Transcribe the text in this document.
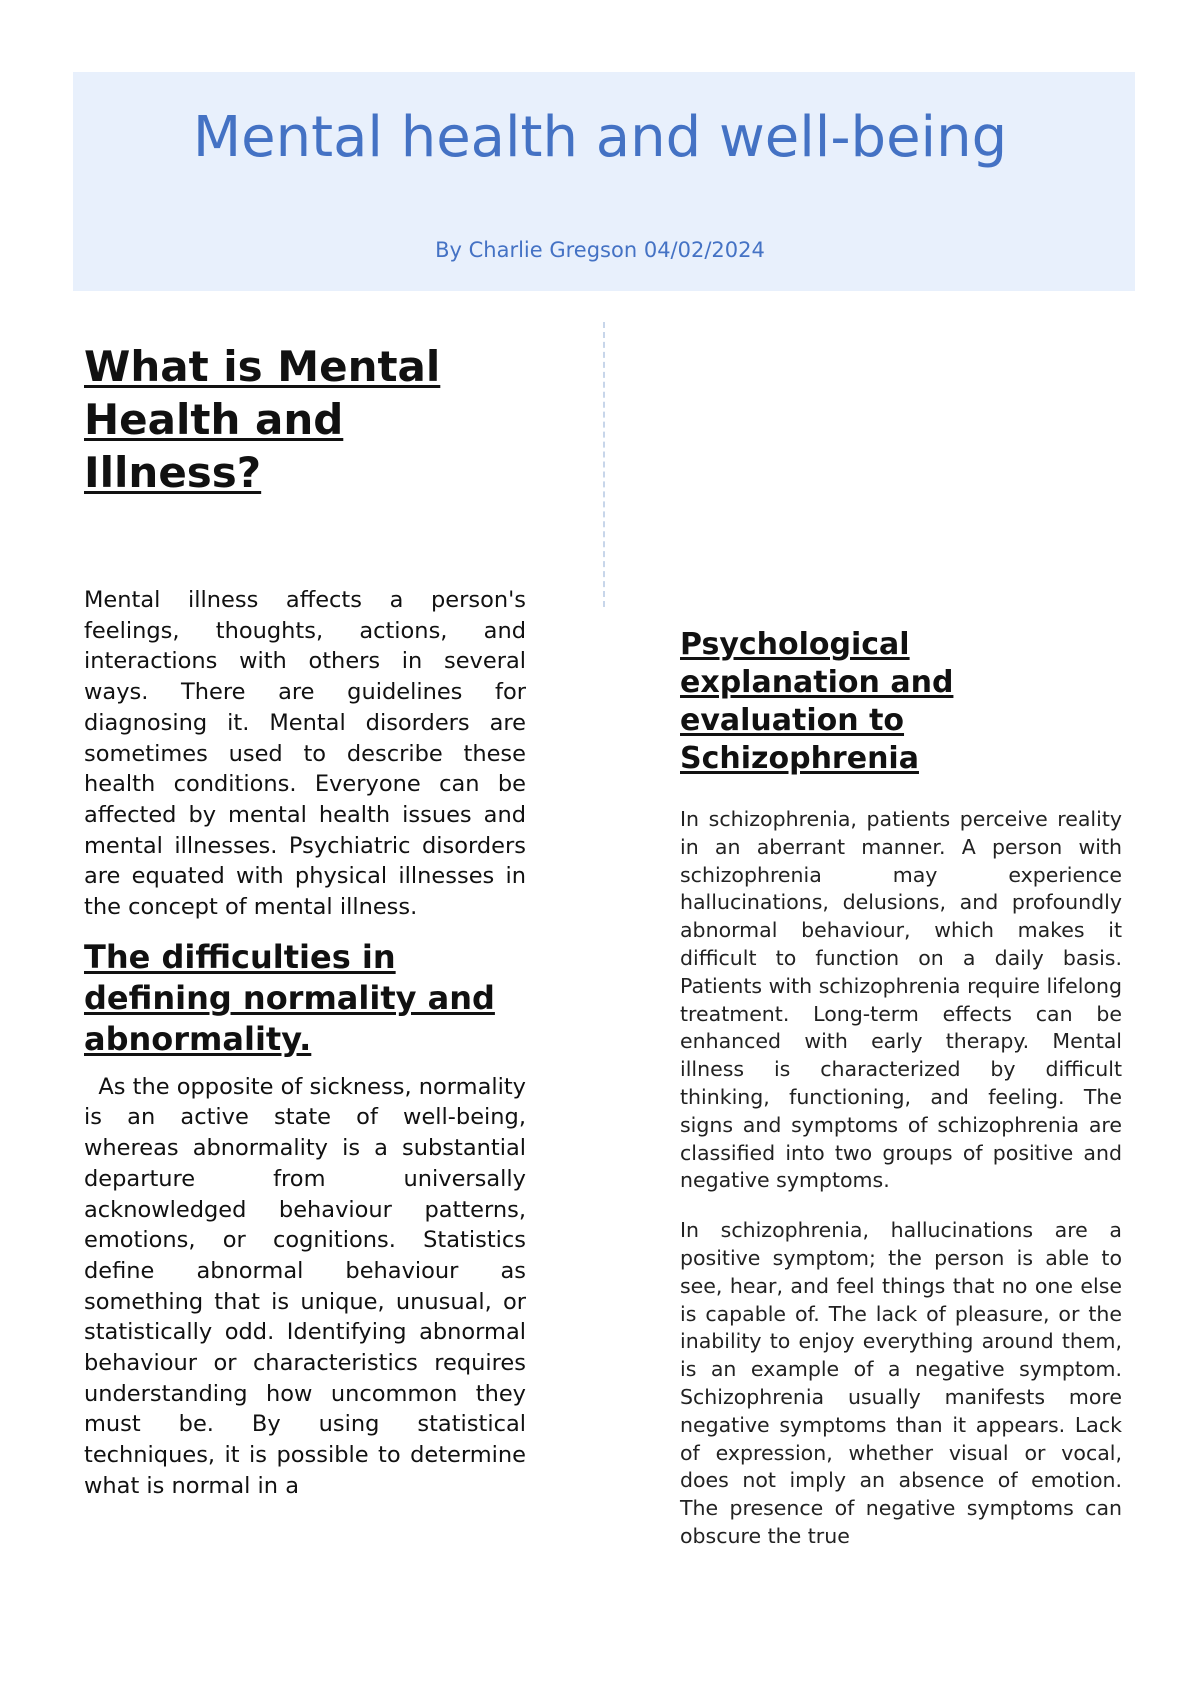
Mental health and well-being

By Charlie Gregson 04/02/2024

What is Mental Health and Illness?

Mental illness affects a person's feelings, thoughts, actions, and interactions with others in several ways. There are guidelines for diagnosing it. Mental disorders are sometimes used to describe these health conditions. Everyone can be affected by mental health issues and mental illnesses. Psychiatric disorders are equated with physical illnesses in the concept of mental illness.

The difficulties in defining normality and abnormality.

As the opposite of sickness, normality is an active state of well-being, whereas abnormality is a substantial departure from universally acknowledged behaviour patterns, emotions, or cognitions. Statistics define abnormal behaviour as something that is unique, unusual, or statistically odd. Identifying abnormal behaviour or characteristics requires understanding how uncommon they must be. By using statistical techniques, it is possible to determine what is normal in a

Psychological explanation and evaluation to Schizophrenia

In schizophrenia, patients perceive reality in an aberrant manner. A person with schizophrenia may experience hallucinations, delusions, and profoundly abnormal behaviour, which makes it difficult to function on a daily basis. Patients with schizophrenia require lifelong treatment. Long-term effects can be enhanced with early therapy. Mental illness is characterized by difficult thinking, functioning, and feeling. The signs and symptoms of schizophrenia are classified into two groups of positive and negative symptoms.

In schizophrenia, hallucinations are a positive symptom; the person is able to see, hear, and feel things that no one else is capable of. The lack of pleasure, or the inability to enjoy everything around them, is an example of a negative symptom. Schizophrenia usually manifests more negative symptoms than it appears. Lack of expression, whether visual or vocal, does not imply an absence of emotion. The presence of negative symptoms can obscure the true
